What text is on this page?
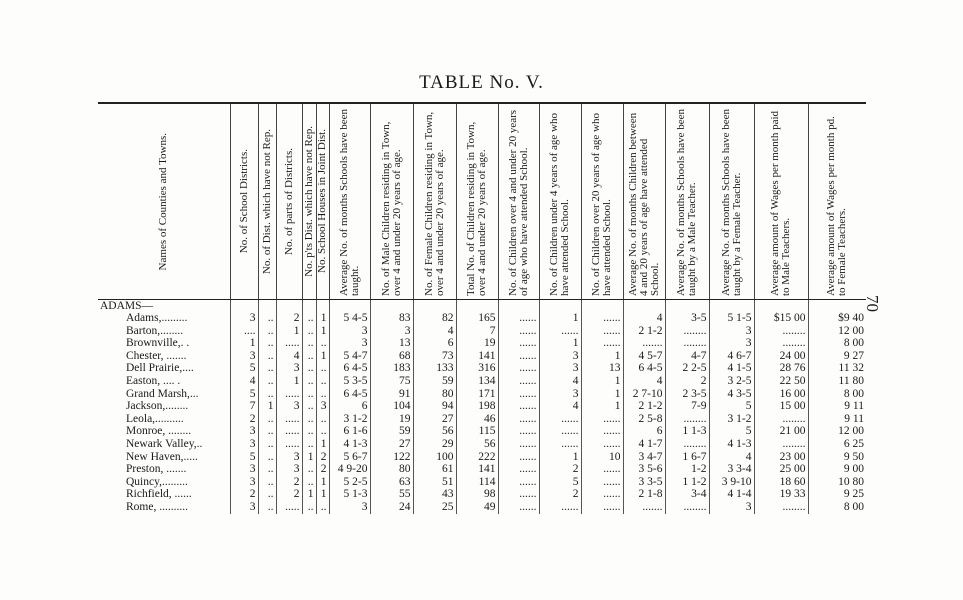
TABLE No. V.
70
Names of Counties and Towns.	No. of School Districts.	No. of Dist. which have not Rep.	No. of parts of Districts.	No. p'ts Dist. which have not Rep.	No. School Houses in Joint Dist.	Average No. of months Schools have been taught.	No. of Male Children residing in Town, over 4 and under 20 years of age.	No. of Female Children residing in Town, over 4 and under 20 years of age.	Total No. of Children residing in Town, over 4 and under 20 years of age.	No. of Children over 4 and under 20 years of age who have attended School.	No. of Children under 4 years of age who have attended School.	No. of Children over 20 years of age who have attended School.	Average No. of months Children between 4 and 20 years of age have attended School.	Average No. of months Schools have been taught by a Male Teacher.	Average No. of months Schools have been taught by a Female Teacher.	Average amount of Wages per month paid to Male Teachers.	Average amount of Wages per month pd. to Female Teachers.

ADAMS—																	
Adams,.........	3	..	2	..	1	5 4-5	83	82	165	......	1	......	4	3-5	5 1-5	$15 00	$9 40
Barton,........	....	..	1	..	1	3	3	4	7	......	......	......	2 1-2	........	3	........	12 00
Brownville,. .	1	..	.....	..	..	3	13	6	19	......	1	......	.......	........	3	........	8 00
Chester, .......	3	..	4	..	1	5 4-7	68	73	141	......	3	1	4 5-7	4-7	4 6-7	24 00	9 27
Dell Prairie,....	5	..	3	..	..	6 4-5	183	133	316	......	3	13	6 4-5	2 2-5	4 1-5	28 76	11 32
Easton, .... .	4	..	1	..	..	5 3-5	75	59	134	......	4	1	4	2	3 2-5	22 50	11 80
Grand Marsh,...	5	..	.....	..	..	6 4-5	91	80	171	......	3	1	2 7-10	2 3-5	4 3-5	16 00	8 00
Jackson,........	7	1	3	..	3	6	104	94	198	......	4	1	2 1-2	7-9	5	15 00	9 11
Leola,..........	2	..	.....	..	..	3 1-2	19	27	46	......	......	......	2 5-8	........	3 1-2	........	9 11
Monroe, ........	3	..	.....	..	..	6 1-6	59	56	115	......	......	......	6	1 1-3	5	21 00	12 00
Newark Valley,..	3	..	.....	..	1	4 1-3	27	29	56	......	......	......	4 1-7	........	4 1-3	........	6 25
New Haven,.....	5	..	3	1	2	5 6-7	122	100	222	......	1	10	3 4-7	1 6-7	4	23 00	9 50
Preston, .......	3	..	3	..	2	4 9-20	80	61	141	......	2	......	3 5-6	1-2	3 3-4	25 00	9 00
Quincy,.........	3	..	2	..	1	5 2-5	63	51	114	......	5	......	3 3-5	1 1-2	3 9-10	18 60	10 80
Richfield, ......	2	..	2	1	1	5 1-3	55	43	98	......	2	......	2 1-8	3-4	4 1-4	19 33	9 25
Rome, ..........	3	..	.....	..	..	3	24	25	49	......	......	......	.......	........	3	........	8 00
